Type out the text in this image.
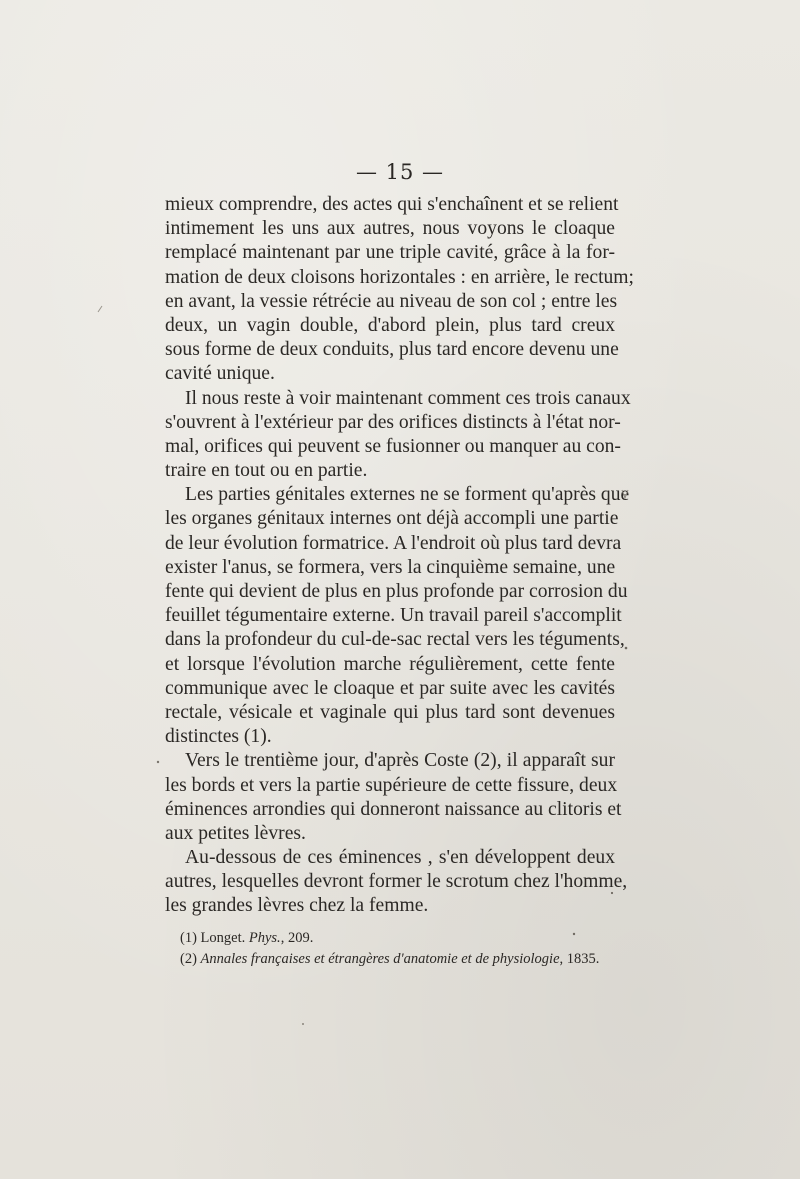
— 15 —
mieux comprendre, des actes qui s'enchaînent et se relient
intimement les uns aux autres, nous voyons le cloaque
remplacé maintenant par une triple cavité, grâce à la for-
mation de deux cloisons horizontales : en arrière, le rectum;
en avant, la vessie rétrécie au niveau de son col ; entre les
deux, un vagin double, d'abord plein, plus tard creux
sous forme de deux conduits, plus tard encore devenu une
cavité unique.
Il nous reste à voir maintenant comment ces trois canaux
s'ouvrent à l'extérieur par des orifices distincts à l'état nor-
mal, orifices qui peuvent se fusionner ou manquer au con-
traire en tout ou en partie.
Les parties génitales externes ne se forment qu'après que
les organes génitaux internes ont déjà accompli une partie
de leur évolution formatrice. A l'endroit où plus tard devra
exister l'anus, se formera, vers la cinquième semaine, une
fente qui devient de plus en plus profonde par corrosion du
feuillet tégumentaire externe. Un travail pareil s'accomplit
dans la profondeur du cul-de-sac rectal vers les téguments,
et lorsque l'évolution marche régulièrement, cette fente
communique avec le cloaque et par suite avec les cavités
rectale, vésicale et vaginale qui plus tard sont devenues
distinctes (1).
Vers le trentième jour, d'après Coste (2), il apparaît sur
les bords et vers la partie supérieure de cette fissure, deux
éminences arrondies qui donneront naissance au clitoris et
aux petites lèvres.
Au-dessous de ces éminences , s'en développent deux
autres, lesquelles devront former le scrotum chez l'homme,
les grandes lèvres chez la femme.
(1) Longet. Phys., 209.
(2) Annales françaises et étrangères d'anatomie et de physiologie, 1835.
